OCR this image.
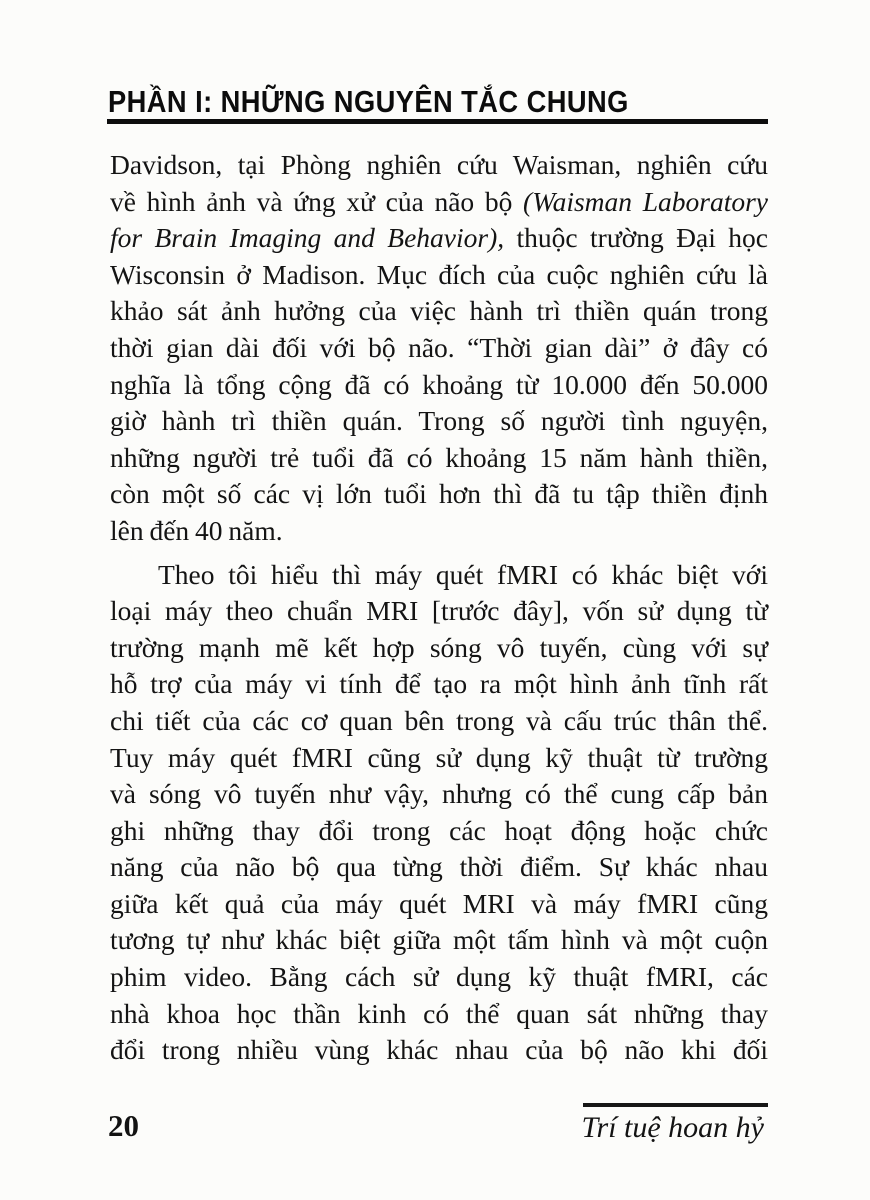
PHẦN I: NHỮNG NGUYÊN TẮC CHUNG
Davidson, tại Phòng nghiên cứu Waisman, nghiên cứu
về hình ảnh và ứng xử của não bộ (Waisman Laboratory
for Brain Imaging and Behavior), thuộc trường Đại học
Wisconsin ở Madison. Mục đích của cuộc nghiên cứu là
khảo sát ảnh hưởng của việc hành trì thiền quán trong
thời gian dài đối với bộ não. “Thời gian dài” ở đây có
nghĩa là tổng cộng đã có khoảng từ 10.000 đến 50.000
giờ hành trì thiền quán. Trong số người tình nguyện,
những người trẻ tuổi đã có khoảng 15 năm hành thiền,
còn một số các vị lớn tuổi hơn thì đã tu tập thiền định
lên đến 40 năm.
Theo tôi hiểu thì máy quét fMRI có khác biệt với
loại máy theo chuẩn MRI [trước đây], vốn sử dụng từ
trường mạnh mẽ kết hợp sóng vô tuyến, cùng với sự
hỗ trợ của máy vi tính để tạo ra một hình ảnh tĩnh rất
chi tiết của các cơ quan bên trong và cấu trúc thân thể.
Tuy máy quét fMRI cũng sử dụng kỹ thuật từ trường
và sóng vô tuyến như vậy, nhưng có thể cung cấp bản
ghi những thay đổi trong các hoạt động hoặc chức
năng của não bộ qua từng thời điểm. Sự khác nhau
giữa kết quả của máy quét MRI và máy fMRI cũng
tương tự như khác biệt giữa một tấm hình và một cuộn
phim video. Bằng cách sử dụng kỹ thuật fMRI, các
nhà khoa học thần kinh có thể quan sát những thay
đổi trong nhiều vùng khác nhau của bộ não khi đối
20	Trí tuệ hoan hỷ
